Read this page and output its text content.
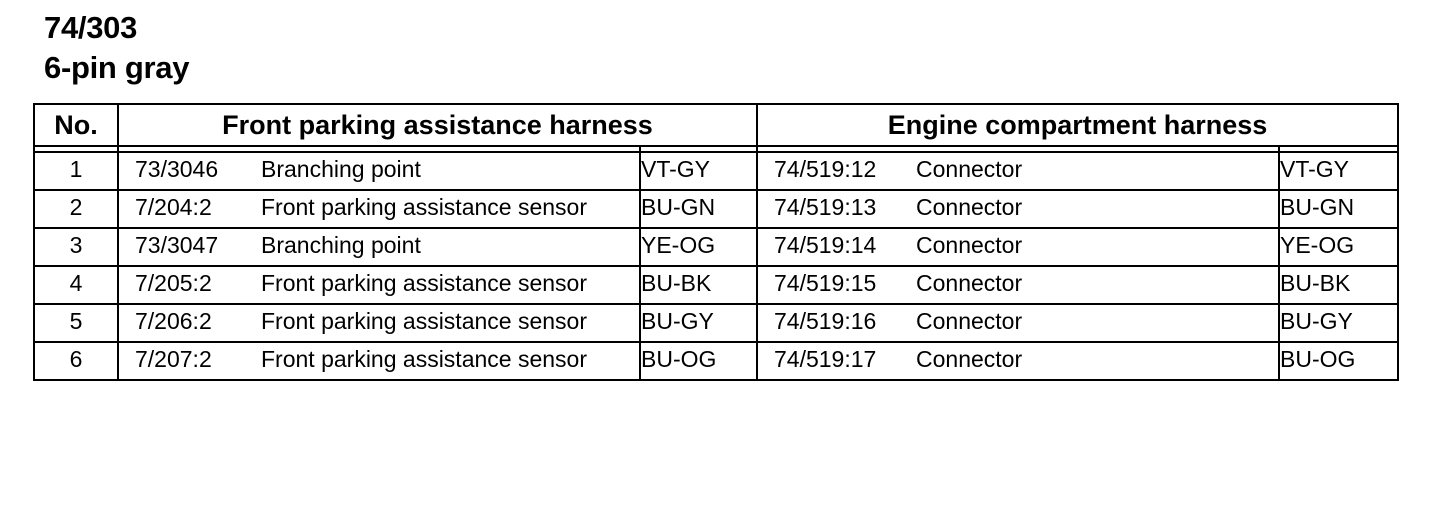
74/303
6-pin gray
No.	Front parking assistance harness		Engine compartment harness	

1	73/3046 Branching point	VT-GY	74/519:12 Connector	VT-GY
2	7/204:2 Front parking assistance sensor	BU-GN	74/519:13 Connector	BU-GN
3	73/3047 Branching point	YE-OG	74/519:14 Connector	YE-OG
4	7/205:2 Front parking assistance sensor	BU-BK	74/519:15 Connector	BU-BK
5	7/206:2 Front parking assistance sensor	BU-GY	74/519:16 Connector	BU-GY
6	7/207:2 Front parking assistance sensor	BU-OG	74/519:17 Connector	BU-OG
